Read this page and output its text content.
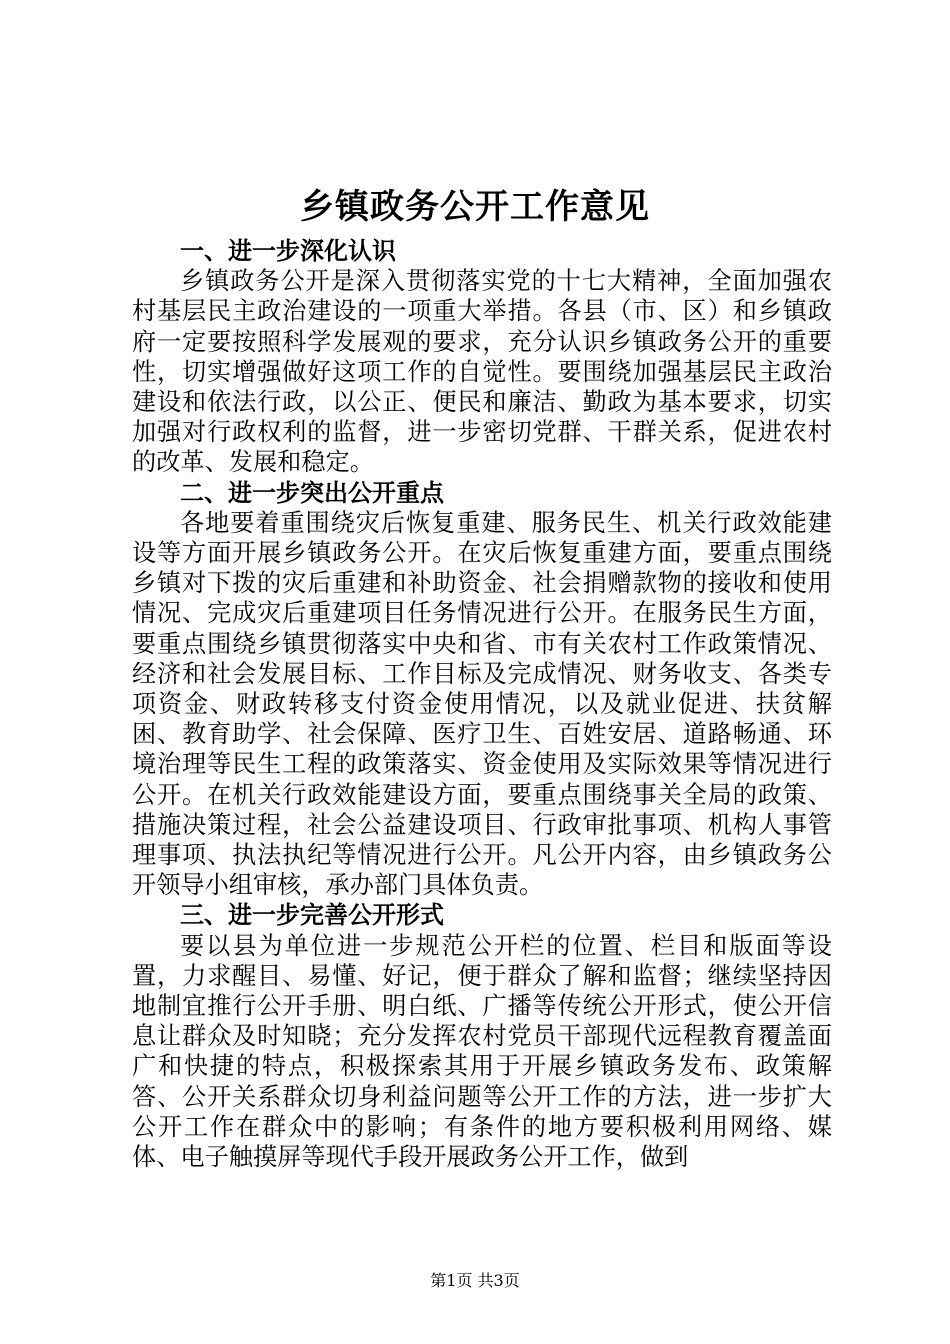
乡镇政务公开工作意见

一、进一步深化认识

乡镇政务公开是深入贯彻落实党的十七大精神，全面加强农村基层民主政治建设的一项重大举措。各县（市、区）和乡镇政府一定要按照科学发展观的要求，充分认识乡镇政务公开的重要性，切实增强做好这项工作的自觉性。要围绕加强基层民主政治建设和依法行政，以公正、便民和廉洁、勤政为基本要求，切实加强对行政权利的监督，进一步密切党群、干群关系，促进农村的改革、发展和稳定。

二、进一步突出公开重点

各地要着重围绕灾后恢复重建、服务民生、机关行政效能建设等方面开展乡镇政务公开。在灾后恢复重建方面，要重点围绕乡镇对下拨的灾后重建和补助资金、社会捐赠款物的接收和使用情况、完成灾后重建项目任务情况进行公开。在服务民生方面，要重点围绕乡镇贯彻落实中央和省、市有关农村工作政策情况、经济和社会发展目标、工作目标及完成情况、财务收支、各类专项资金、财政转移支付资金使用情况，以及就业促进、扶贫解困、教育助学、社会保障、医疗卫生、百姓安居、道路畅通、环境治理等民生工程的政策落实、资金使用及实际效果等情况进行公开。在机关行政效能建设方面，要重点围绕事关全局的政策、措施决策过程，社会公益建设项目、行政审批事项、机构人事管理事项、执法执纪等情况进行公开。凡公开内容，由乡镇政务公开领导小组审核，承办部门具体负责。

三、进一步完善公开形式

要以县为单位进一步规范公开栏的位置、栏目和版面等设置，力求醒目、易懂、好记，便于群众了解和监督；继续坚持因地制宜推行公开手册、明白纸、广播等传统公开形式，使公开信息让群众及时知晓；充分发挥农村党员干部现代远程教育覆盖面广和快捷的特点，积极探索其用于开展乡镇政务发布、政策解答、公开关系群众切身利益问题等公开工作的方法，进一步扩大公开工作在群众中的影响；有条件的地方要积极利用网络、媒体、电子触摸屏等现代手段开展政务公开工作，做到

第1页 共3页
